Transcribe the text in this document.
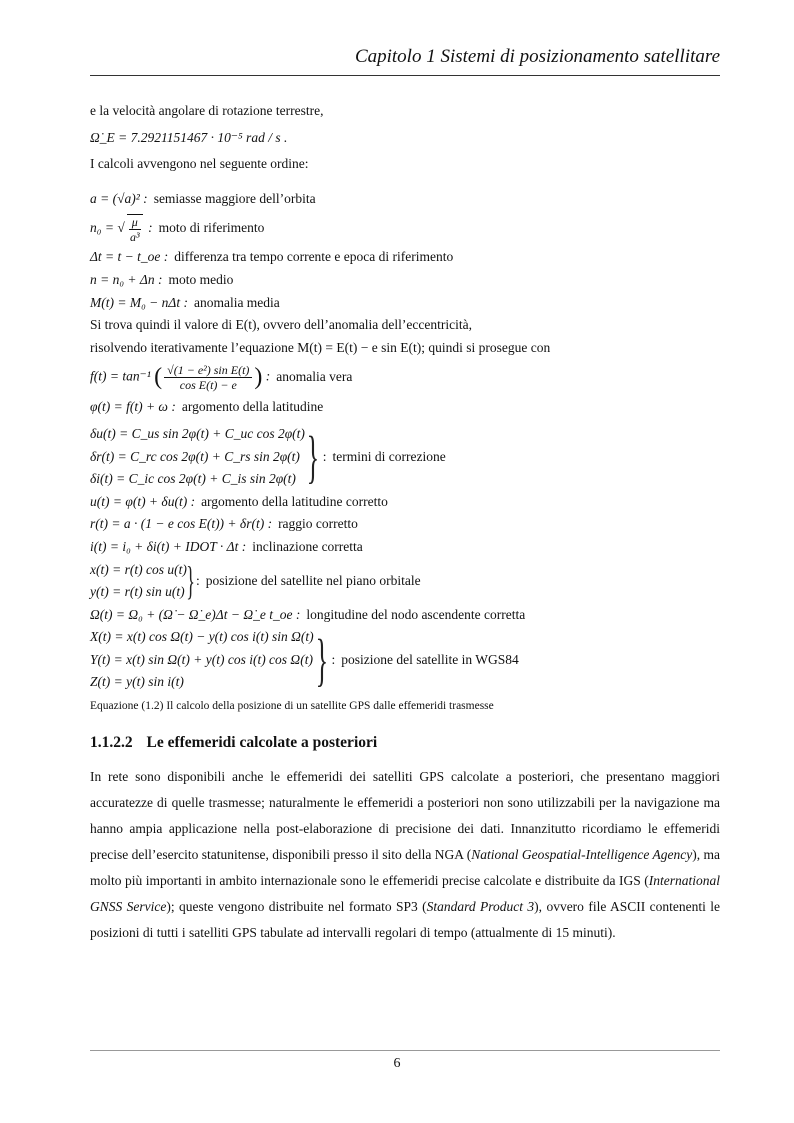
Capitolo 1 Sistemi di posizionamento satellitare
e la velocità angolare di rotazione terrestre,
Ω̇_E = 7.2921151467 · 10⁻⁵ rad / s .
I calcoli avvengono nel seguente ordine:
a = (√a)² : semiasse maggiore dell’orbita
n₀ = √ $\frac{\mu}{\text{a³}}$ : moto di riferimento
Δt = t − t_oe : differenza tra tempo corrente e epoca di riferimento
n = n₀ + Δn : moto medio
M(t) = M₀ − nΔt : anomalia media
Si trova quindi il valore di E(t), ovvero dell’anomalia dell’eccentricità,
risolvendo iterativamente l’equazione M(t) = E(t) − e sin E(t); quindi si prosegue con
f(t) = tan⁻¹ ( $\frac{\text{√(1 − e²) sin E(t)}}{\text{cos E(t) − e}}$ ) : anomalia vera
φ(t) = f(t) + ω : argomento della latitudine
δu(t) = C_us sin 2φ(t) + C_uc cos 2φ(t)
δr(t) = C_rc cos 2φ(t) + C_rs sin 2φ(t)
δi(t) = C_ic cos 2φ(t) + C_is sin 2φ(t) } : termini di correzione
u(t) = φ(t) + δu(t) : argomento della latitudine corretto
r(t) = a · (1 − e cos E(t)) + δr(t) : raggio corretto
i(t) = i₀ + δi(t) + IDOT · Δt : inclinazione corretta
x(t) = r(t) cos u(t)
y(t) = r(t) sin u(t) } : posizione del satellite nel piano orbitale
Ω(t) = Ω₀ + (Ω̇ − Ω̇_e)Δt − Ω̇_e t_oe : longitudine del nodo ascendente corretta
X(t) = x(t) cos Ω(t) − y(t) cos i(t) sin Ω(t)
Y(t) = x(t) sin Ω(t) + y(t) cos i(t) cos Ω(t)
Z(t) = y(t) sin i(t)	} : posizione del satellite in WGS84
Equazione (1.2) Il calcolo della posizione di un satellite GPS dalle effemeridi trasmesse
1.1.2.2 Le effemeridi calcolate a posteriori
In rete sono disponibili anche le effemeridi dei satelliti GPS calcolate a posteriori, che presentano maggiori accuratezze di quelle trasmesse; naturalmente le effemeridi a posteriori non sono utilizzabili per la navigazione ma hanno ampia applicazione nella post-elaborazione di precisione dei dati. Innanzitutto ricordiamo le effemeridi precise dell’esercito statunitense, disponibili presso il sito della NGA (National Geospatial-Intelligence Agency), ma molto più importanti in ambito internazionale sono le effemeridi precise calcolate e distribuite da IGS (International GNSS Service); queste vengono distribuite nel formato SP3 (Standard Product 3), ovvero file ASCII contenenti le posizioni di tutti i satelliti GPS tabulate ad intervalli regolari di tempo (attualmente di 15 minuti).
6
